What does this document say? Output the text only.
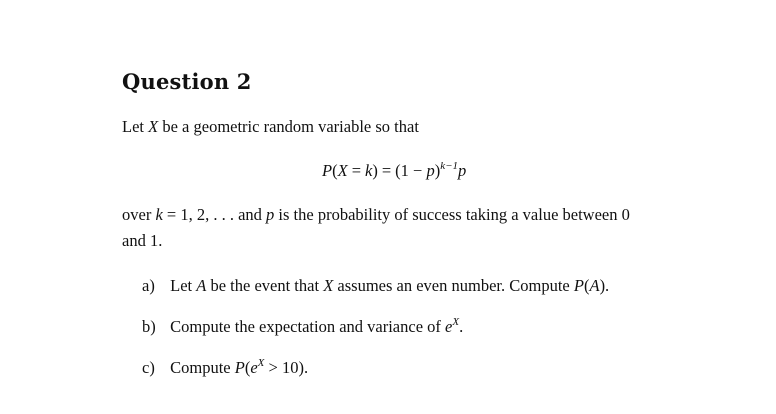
Question 2
Let X be a geometric random variable so that
$P(X = k) = (1 - p)^{k-1}p$
over k = 1, 2, . . . and p is the probability of success taking a value between 0
and 1.
a) Let A be the event that X assumes an even number. Compute P(A).
b) Compute the expectation and variance of $e^X$.
c) Compute $P(e^X > 10)$.
